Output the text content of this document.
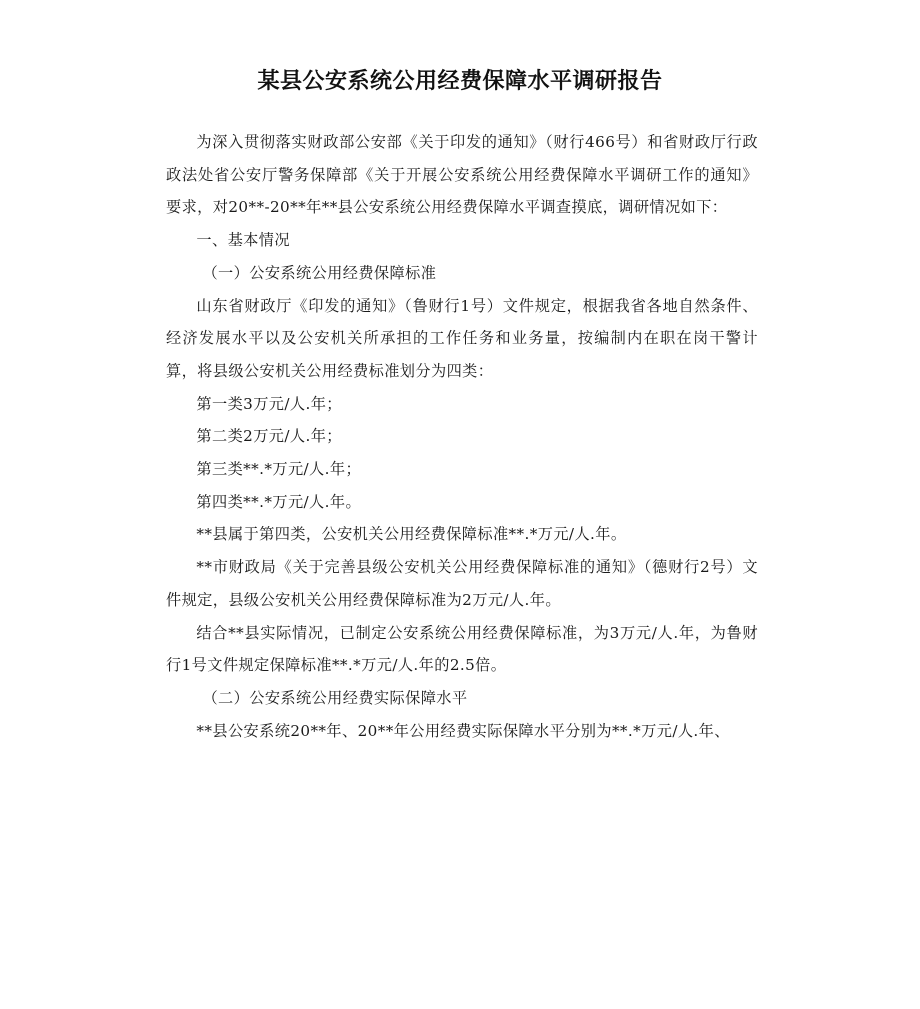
某县公安系统公用经费保障水平调研报告

为深入贯彻落实财政部公安部《关于印发的通知》（财行466号）和省财政厅行政政法处省公安厅警务保障部《关于开展公安系统公用经费保障水平调研工作的通知》要求，对20**-20**年**县公安系统公用经费保障水平调查摸底，调研情况如下：

一、基本情况

（一）公安系统公用经费保障标准

山东省财政厅《印发的通知》（鲁财行1号）文件规定，根据我省各地自然条件、经济发展水平以及公安机关所承担的工作任务和业务量，按编制内在职在岗干警计算，将县级公安机关公用经费标准划分为四类：

第一类3万元/人.年；

第二类2万元/人.年；

第三类**.*万元/人.年；

第四类**.*万元/人.年。

**县属于第四类，公安机关公用经费保障标准**.*万元/人.年。

**市财政局《关于完善县级公安机关公用经费保障标准的通知》（德财行2号）文件规定，县级公安机关公用经费保障标准为2万元/人.年。

结合**县实际情况，已制定公安系统公用经费保障标准，为3万元/人.年，为鲁财行1号文件规定保障标准**.*万元/人.年的2.5倍。

（二）公安系统公用经费实际保障水平

**县公安系统20**年、20**年公用经费实际保障水平分别为**.*万元/人.年、
